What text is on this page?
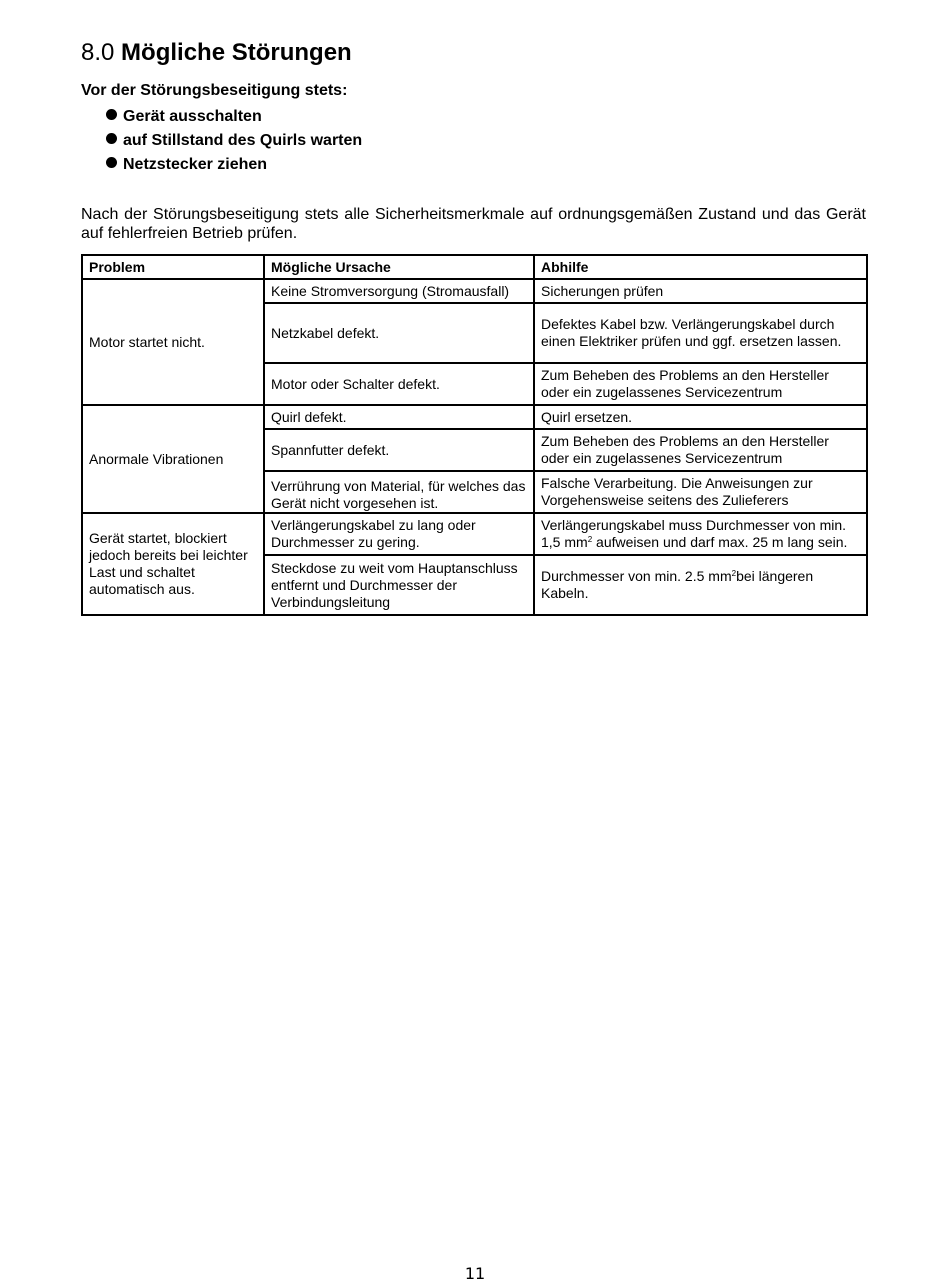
8.0 Mögliche Störungen

Vor der Störungsbeseitigung stets:

Gerät ausschalten
auf Stillstand des Quirls warten
Netzstecker ziehen

Nach der Störungsbeseitigung stets alle Sicherheitsmerkmale auf ordnungsgemäßen Zustand und das Gerät auf fehlerfreien Betrieb prüfen.

Problem	Mögliche Ursache	Abhilfe
Motor startet nicht.	Keine Stromversorgung (Stromausfall)	Sicherungen prüfen
	Netzkabel defekt.	Defektes Kabel bzw. Verlängerungskabel durch einen Elektriker prüfen und ggf. ersetzen lassen.
	Motor oder Schalter defekt.	Zum Beheben des Problems an den Hersteller oder ein zugelassenes Servicezentrum
Anormale Vibrationen	Quirl defekt.	Quirl ersetzen.
	Spannfutter defekt.	Zum Beheben des Problems an den Hersteller oder ein zugelassenes Servicezentrum

	Verrührung von Material, für welches das Gerät nicht vorgesehen ist.	Falsche Verarbeitung. Die Anweisungen zur Vorgehensweise seitens des Zulieferers
Gerät startet, blockiert jedoch bereits bei leichter Last und schaltet automatisch aus.	Verlängerungskabel zu lang oder Durchmesser zu gering.	Verlängerungskabel muss Durchmesser von min. 1,5 $mm^2$ aufweisen und darf max. 25 m lang sein.
	Steckdose zu weit vom Hauptanschluss entfernt und Durchmesser der Verbindungsleitung	Durchmesser von min. 2.5 $mm^2bei$ längeren Kabeln.

11
